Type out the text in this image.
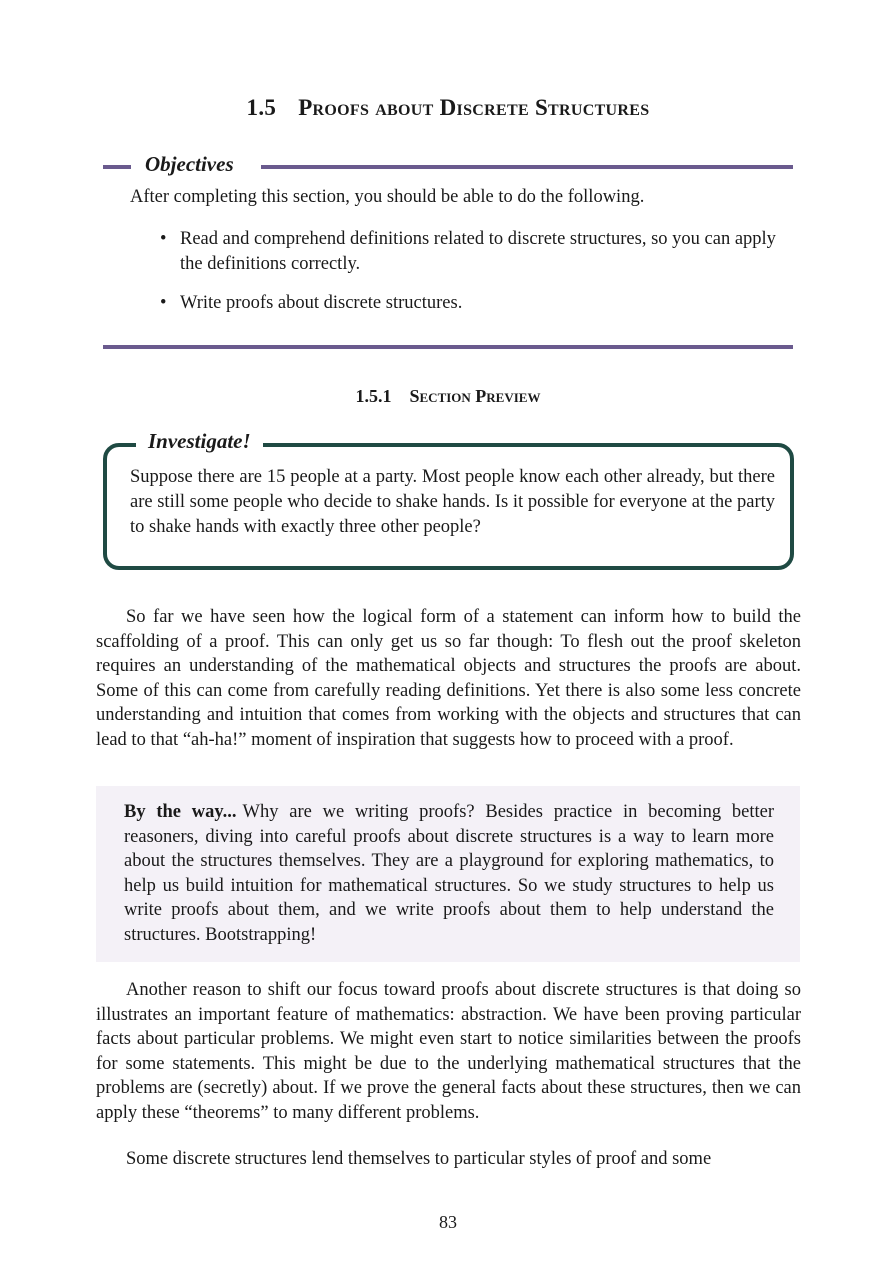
1.5 Proofs about Discrete Structures
Objectives
After completing this section, you should be able to do the following.
• Read and comprehend definitions related to discrete structures, so you can apply the definitions correctly.
• Write proofs about discrete structures.
1.5.1 Section Preview
Investigate!
Suppose there are 15 people at a party. Most people know each other already, but there are still some people who decide to shake hands. Is it possible for everyone at the party to shake hands with exactly three other people?

So far we have seen how the logical form of a statement can inform how to build the scaffolding of a proof. This can only get us so far though: To flesh out the proof skeleton requires an understanding of the mathematical objects and structures the proofs are about. Some of this can come from carefully reading definitions. Yet there is also some less concrete understanding and intuition that comes from working with the objects and structures that can lead to that “ah-ha!” moment of inspiration that suggests how to proceed with a proof.

By the way... Why are we writing proofs? Besides practice in becoming better reasoners, diving into careful proofs about discrete structures is a way to learn more about the structures themselves. They are a playground for exploring mathematics, to help us build intuition for mathematical structures. So we study structures to help us write proofs about them, and we write proofs about them to help understand the structures. Bootstrapping!

Another reason to shift our focus toward proofs about discrete structures is that doing so illustrates an important feature of mathematics: abstraction. We have been proving particular facts about particular problems. We might even start to notice similarities between the proofs for some statements. This might be due to the underlying mathematical structures that the problems are (secretly) about. If we prove the general facts about these structures, then we can apply these “theorems” to many different problems.

Some discrete structures lend themselves to particular styles of proof and some

83
